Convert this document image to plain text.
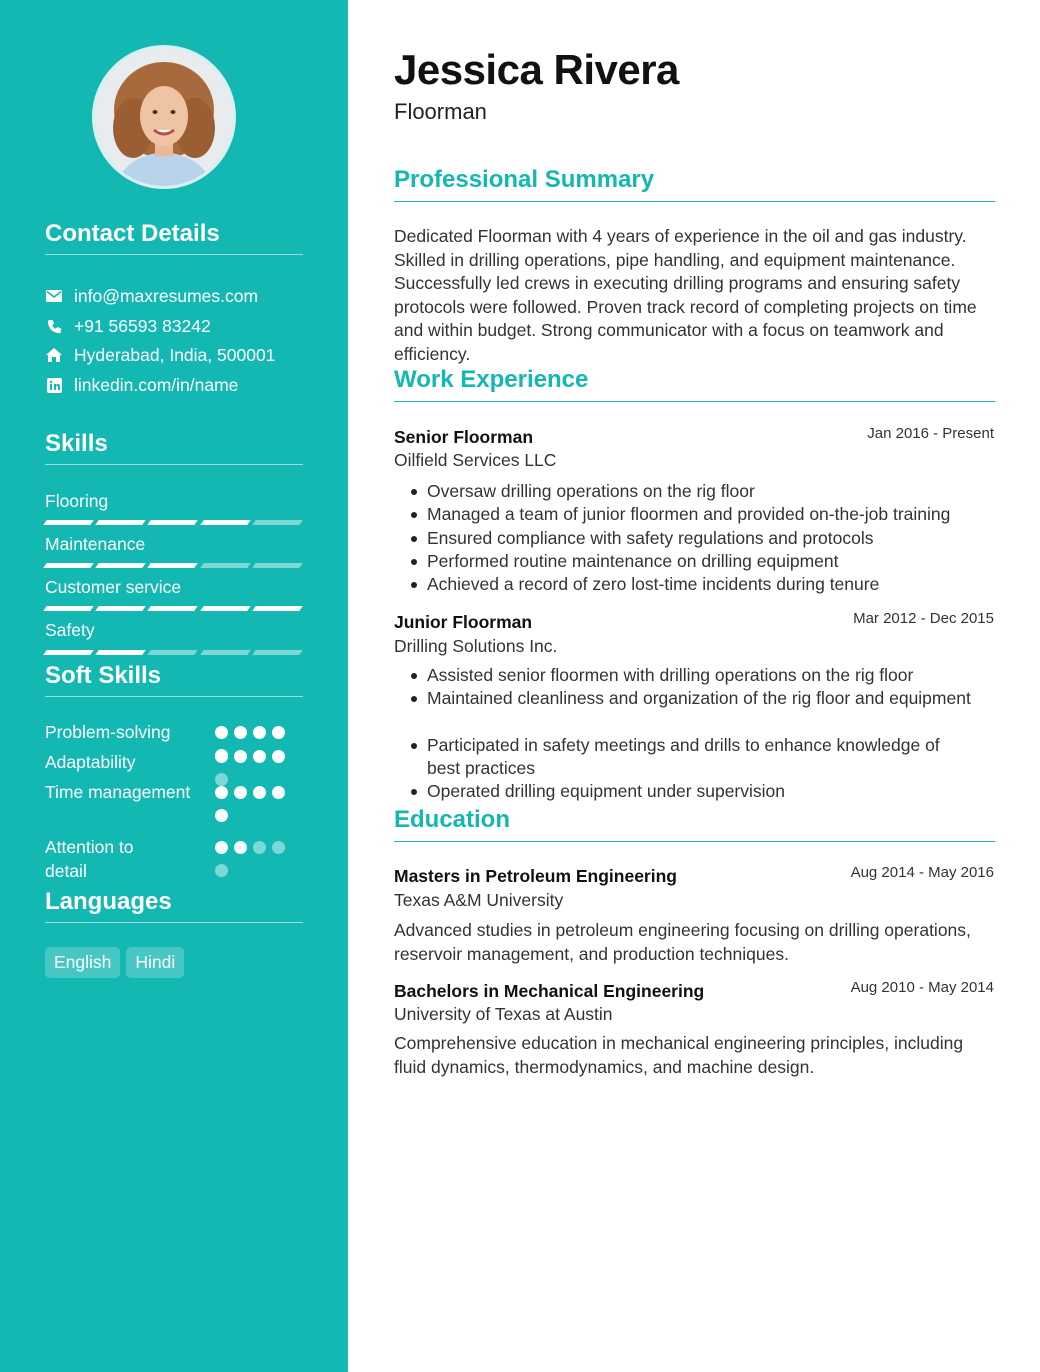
Contact Details
info@maxresumes.com
+91 56593 83242
Hyderabad, India, 500001
linkedin.com/in/name
Skills
Flooring
Maintenance
Customer service
Safety
Soft Skills
Problem-solving
Adaptability
Time management
Attention to detail
Languages
English	Hindi
Jessica Rivera
Floorman
Professional Summary
Dedicated Floorman with 4 years of experience in the oil and gas industry. Skilled in drilling operations, pipe handling, and equipment maintenance. Successfully led crews in executing drilling programs and ensuring safety protocols were followed. Proven track record of completing projects on time and within budget. Strong communicator with a focus on teamwork and efficiency.
Work Experience
Senior Floorman	Jan 2016 - Present
Oilfield Services LLC
Oversaw drilling operations on the rig floor
Managed a team of junior floormen and provided on-the-job training
Ensured compliance with safety regulations and protocols
Performed routine maintenance on drilling equipment
Achieved a record of zero lost-time incidents during tenure
Junior Floorman	Mar 2012 - Dec 2015
Drilling Solutions Inc.
Assisted senior floormen with drilling operations on the rig floor
Maintained cleanliness and organization of the rig floor and equipment
Participated in safety meetings and drills to enhance knowledge of best practices
Operated drilling equipment under supervision
Education
Masters in Petroleum Engineering	Aug 2014 - May 2016
Texas A&M University
Advanced studies in petroleum engineering focusing on drilling operations, reservoir management, and production techniques.
Bachelors in Mechanical Engineering	Aug 2010 - May 2014
University of Texas at Austin
Comprehensive education in mechanical engineering principles, including fluid dynamics, thermodynamics, and machine design.
